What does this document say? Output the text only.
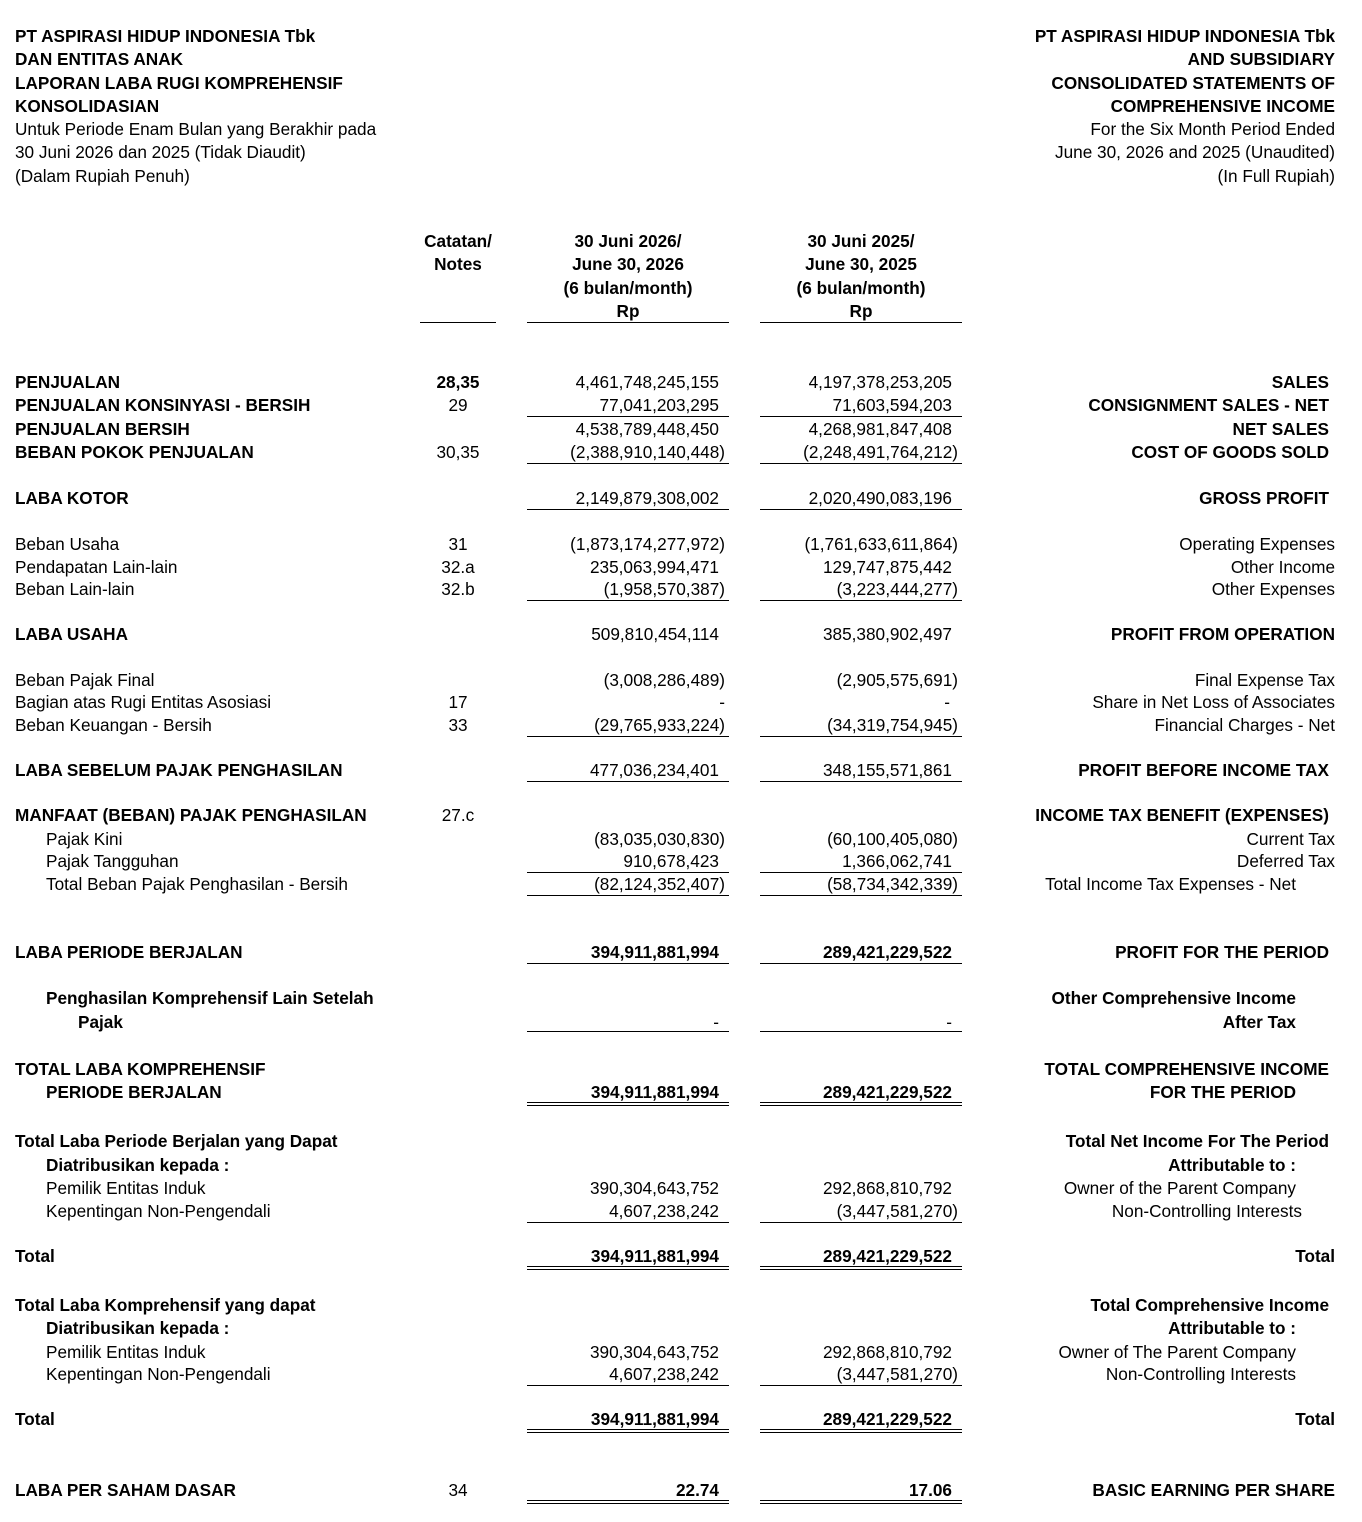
PT ASPIRASI HIDUP INDONESIA Tbk
DAN ENTITAS ANAK
LAPORAN LABA RUGI KOMPREHENSIF
KONSOLIDASIAN
Untuk Periode Enam Bulan yang Berakhir pada
30 Juni 2026 dan 2025 (Tidak Diaudit)
(Dalam Rupiah Penuh)
PT ASPIRASI HIDUP INDONESIA Tbk
AND SUBSIDIARY
CONSOLIDATED STATEMENTS OF
COMPREHENSIVE INCOME
For the Six Month Period Ended
June 30, 2026 and 2025 (Unaudited)
(In Full Rupiah)
Catatan/
Notes
30 Juni 2026/
June 30, 2026
(6 bulan/month)
Rp
30 Juni 2025/
June 30, 2025
(6 bulan/month)
Rp
PENJUALAN	28,35	4,461,748,245,155	4,197,378,253,205	SALES
PENJUALAN KONSINYASI - BERSIH	29	77,041,203,295	71,603,594,203	CONSIGNMENT SALES - NET
PENJUALAN BERSIH	4,538,789,448,450	4,268,981,847,408	NET SALES
BEBAN POKOK PENJUALAN	30,35	(2,388,910,140,448)	(2,248,491,764,212)	COST OF GOODS SOLD
LABA KOTOR	2,149,879,308,002	2,020,490,083,196	GROSS PROFIT
Beban Usaha	31	(1,873,174,277,972)	(1,761,633,611,864)	Operating Expenses
Pendapatan Lain-lain	32.a	235,063,994,471	129,747,875,442	Other Income
Beban Lain-lain	32.b	(1,958,570,387)	(3,223,444,277)	Other Expenses
LABA USAHA	509,810,454,114	385,380,902,497	PROFIT FROM OPERATION
Beban Pajak Final	(3,008,286,489)	(2,905,575,691)	Final Expense Tax
Bagian atas Rugi Entitas Asosiasi	17	-	-	Share in Net Loss of Associates
Beban Keuangan - Bersih	33	(29,765,933,224)	(34,319,754,945)	Financial Charges - Net
LABA SEBELUM PAJAK PENGHASILAN	477,036,234,401	348,155,571,861	PROFIT BEFORE INCOME TAX
MANFAAT (BEBAN) PAJAK PENGHASILAN	27.c	INCOME TAX BENEFIT (EXPENSES)
Pajak Kini	(83,035,030,830)	(60,100,405,080)	Current Tax
Pajak Tangguhan	910,678,423	1,366,062,741	Deferred Tax
Total Beban Pajak Penghasilan - Bersih	(82,124,352,407)	(58,734,342,339)	Total Income Tax Expenses - Net
LABA PERIODE BERJALAN	394,911,881,994	289,421,229,522	PROFIT FOR THE PERIOD
Penghasilan Komprehensif Lain Setelah	Other Comprehensive Income
Pajak	-	-	After Tax
TOTAL LABA KOMPREHENSIF	TOTAL COMPREHENSIVE INCOME
PERIODE BERJALAN	394,911,881,994	289,421,229,522	FOR THE PERIOD
Total Laba Periode Berjalan yang Dapat	Total Net Income For The Period
Diatribusikan kepada :	Attributable to :
Pemilik Entitas Induk	390,304,643,752	292,868,810,792	Owner of the Parent Company
Kepentingan Non-Pengendali	4,607,238,242	(3,447,581,270)	Non-Controlling Interests
Total	394,911,881,994	289,421,229,522	Total
Total Laba Komprehensif yang dapat	Total Comprehensive Income
Diatribusikan kepada :	Attributable to :
Pemilik Entitas Induk	390,304,643,752	292,868,810,792	Owner of The Parent Company
Kepentingan Non-Pengendali	4,607,238,242	(3,447,581,270)	Non-Controlling Interests
Total	394,911,881,994	289,421,229,522	Total
LABA PER SAHAM DASAR	34	22.74	17.06	BASIC EARNING PER SHARE
